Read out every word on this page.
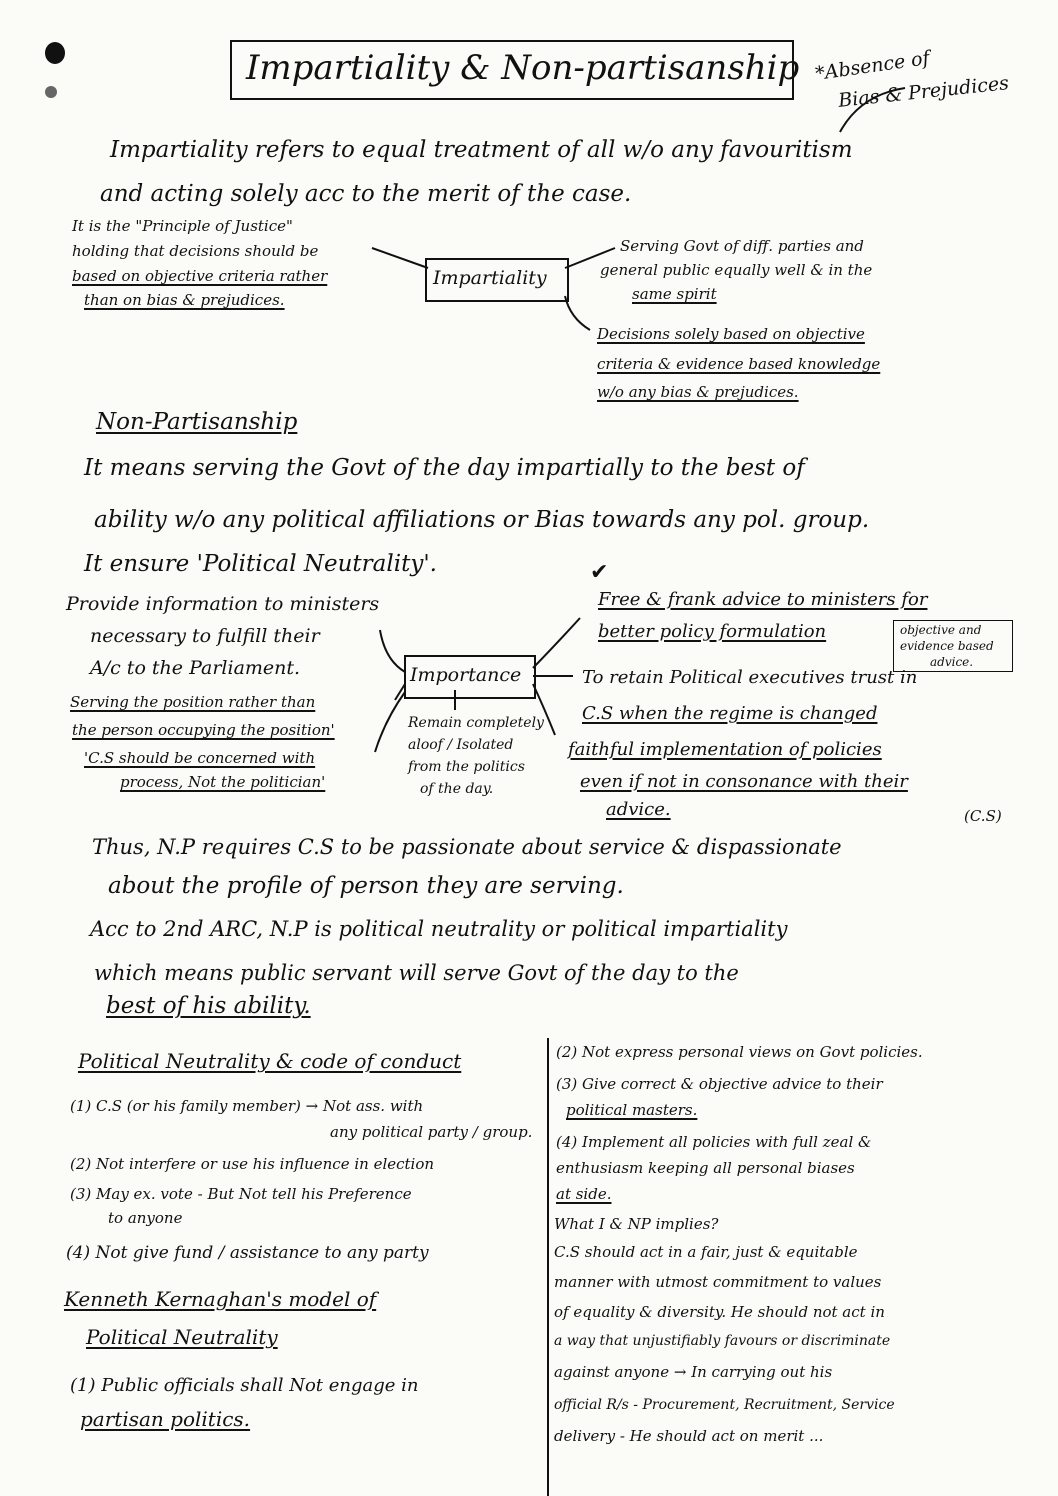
Impartiality & Non-partisanship *Absence of
Bias & Prejudices
Impartiality refers to equal treatment of all w/o any favouritism
and acting solely acc to the merit of the case.
It is the "Principle of Justice"
holding that decisions should be
based on objective criteria rather
than on bias & prejudices.
Impartiality
Serving Govt of diff. parties and
general public equally well & in the
same spirit
Decisions solely based on objective
criteria & evidence based knowledge
w/o any bias & prejudices.
Non-Partisanship
It means serving the Govt of the day impartially to the best of
ability w/o any political affiliations or Bias towards any pol. group.
It ensure 'Political Neutrality'.	✔
Provide information to ministers
necessary to fulfill their
A/c to the Parliament.
Serving the position rather than
the person occupying the position'
'C.S should be concerned with
process, Not the politician'
Importance
Remain completely
aloof / Isolated
from the politics
of the day.
Free & frank advice to ministers for
better policy formulation	objective and
evidence based
advice.
To retain Political executives trust in
C.S when the regime is changed
faithful implementation of policies
even if not in consonance with their
advice.	(C.S)
Thus, N.P requires C.S to be passionate about service & dispassionate
about the profile of person they are serving.
Acc to 2nd ARC, N.P is political neutrality or political impartiality
which means public servant will serve Govt of the day to the
best of his ability.
Political Neutrality & code of conduct
(1) C.S (or his family member) → Not ass. with
any political party / group.
(2) Not interfere or use his influence in election
(3) May ex. vote - But Not tell his Preference
to anyone
(4) Not give fund / assistance to any party
Kenneth Kernaghan's model of
Political Neutrality
(1) Public officials shall Not engage in
partisan politics.
(2) Not express personal views on Govt policies.
(3) Give correct & objective advice to their
political masters.
(4) Implement all policies with full zeal &
enthusiasm keeping all personal biases
at side.
What I & NP implies?
C.S should act in a fair, just & equitable
manner with utmost commitment to values
of equality & diversity. He should not act in
a way that unjustifiably favours or discriminate
against anyone → In carrying out his
official R/s - Procurement, Recruitment, Service
delivery - He should act on merit ...
